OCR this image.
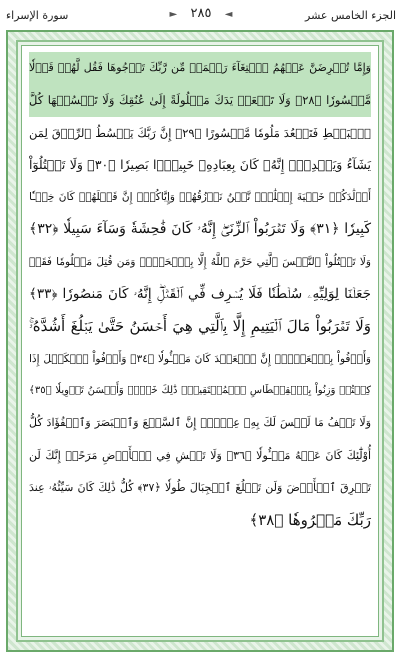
سورة الإسراء	► ٢٨٥ ◄	الجزء الخامس عشر
وَإِمَّا تُعۡرِضَنَّ عَنۡهُمُ ٱبۡتِغَآءَ رَحۡمَةٖ مِّن رَّبِّكَ تَرۡجُوهَا فَقُل لَّهُمۡ قَوۡلٗا
مَّيۡسُورٗا ﴿٢٨﴾ وَلَا تَجۡعَلۡ يَدَكَ مَغۡلُولَةً إِلَىٰ عُنُقِكَ وَلَا تَبۡسُطۡهَا كُلَّ
ٱلۡبَسۡطِ فَتَقۡعُدَ مَلُومٗا مَّحۡسُورًا ﴿٢٩﴾ إِنَّ رَبَّكَ يَبۡسُطُ ٱلرِّزۡقَ لِمَن
يَشَآءُ وَيَقۡدِرُۚ إِنَّهُۥ كَانَ بِعِبَادِهِۦ خَبِيرَۢا بَصِيرٗا ﴿٣٠﴾ وَلَا تَقۡتُلُوٓاْ
أَوۡلَٰدَكُمۡ خَشۡيَةَ إِمۡلَٰقٖۖ نَّحۡنُ نَرۡزُقُهُمۡ وَإِيَّاكُمۡۚ إِنَّ قَتۡلَهُمۡ كَانَ خِطۡـٔٗا
كَبِيرٗا ﴿٣١﴾ وَلَا تَقۡرَبُواْ ٱلزِّنَىٰٓۖ إِنَّهُۥ كَانَ فَٰحِشَةٗ وَسَآءَ سَبِيلٗا ﴿٣٢﴾
وَلَا تَقۡتُلُواْ ٱلنَّفۡسَ ٱلَّتِي حَرَّمَ ٱللَّهُ إِلَّا بِٱلۡحَقِّۗ وَمَن قُتِلَ مَظۡلُومٗا فَقَدۡ
جَعَلۡنَا لِوَلِيِّهِۦ سُلۡطَٰنٗا فَلَا يُسۡرِف فِّي ٱلۡقَتۡلِۖ إِنَّهُۥ كَانَ مَنصُورٗا ﴿٣٣﴾
وَلَا تَقۡرَبُواْ مَالَ ٱلۡيَتِيمِ إِلَّا بِٱلَّتِي هِيَ أَحۡسَنُ حَتَّىٰ يَبۡلُغَ أَشُدَّهُۥۚ
وَأَوۡفُواْ بِٱلۡعَهۡدِۖ إِنَّ ٱلۡعَهۡدَ كَانَ مَسۡـُٔولٗا ﴿٣٤﴾ وَأَوۡفُواْ ٱلۡكَيۡلَ إِذَا
كِلۡتُمۡ وَزِنُواْ بِٱلۡقِسۡطَاسِ ٱلۡمُسۡتَقِيمِۚ ذَٰلِكَ خَيۡرٞ وَأَحۡسَنُ تَأۡوِيلٗا ﴿٣٥﴾
وَلَا تَقۡفُ مَا لَيۡسَ لَكَ بِهِۦ عِلۡمٌۚ إِنَّ ٱلسَّمۡعَ وَٱلۡبَصَرَ وَٱلۡفُؤَادَ كُلُّ
أُوْلَٰٓئِكَ كَانَ عَنۡهُ مَسۡـُٔولٗا ﴿٣٦﴾ وَلَا تَمۡشِ فِي ٱلۡأَرۡضِ مَرَحًاۖ إِنَّكَ لَن
تَخۡرِقَ ٱلۡأَرۡضَ وَلَن تَبۡلُغَ ٱلۡجِبَالَ طُولٗا ﴿٣٧﴾ كُلُّ ذَٰلِكَ كَانَ سَيِّئُهُۥ عِندَ
رَبِّكَ مَكۡرُوهٗا ﴿٣٨﴾
